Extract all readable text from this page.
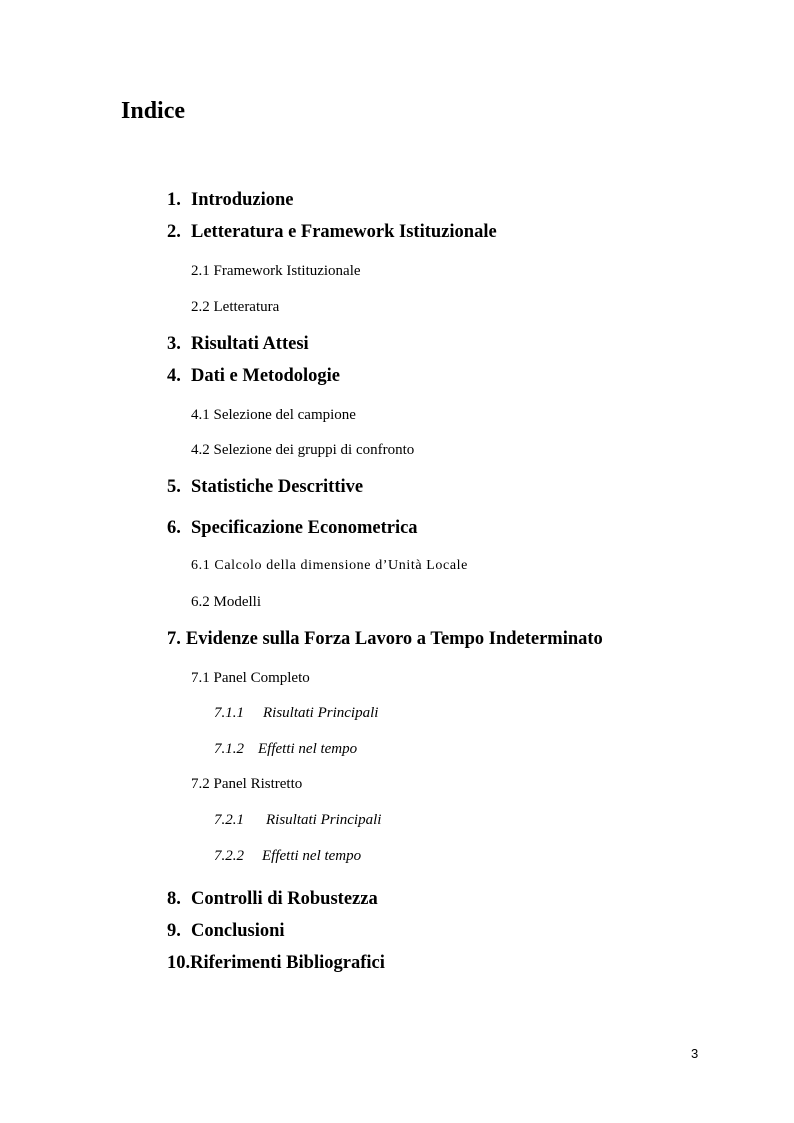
Indice

1. Introduzione

2. Letteratura e Framework Istituzionale

2.1 Framework Istituzionale

2.2 Letteratura

3. Risultati Attesi

4. Dati e Metodologie

4.1 Selezione del campione

4.2 Selezione dei gruppi di confronto

5. Statistiche Descrittive

6. Specificazione Econometrica

6.1 Calcolo della dimensione d’Unità Locale

6.2 Modelli

7. Evidenze sulla Forza Lavoro a Tempo Indeterminato

7.1 Panel Completo

7.1.1 Risultati Principali

7.1.2 Effetti nel tempo

7.2 Panel Ristretto

7.2.1 Risultati Principali

7.2.2 Effetti nel tempo

8. Controlli di Robustezza

9. Conclusioni

10.Riferimenti Bibliografici

3
